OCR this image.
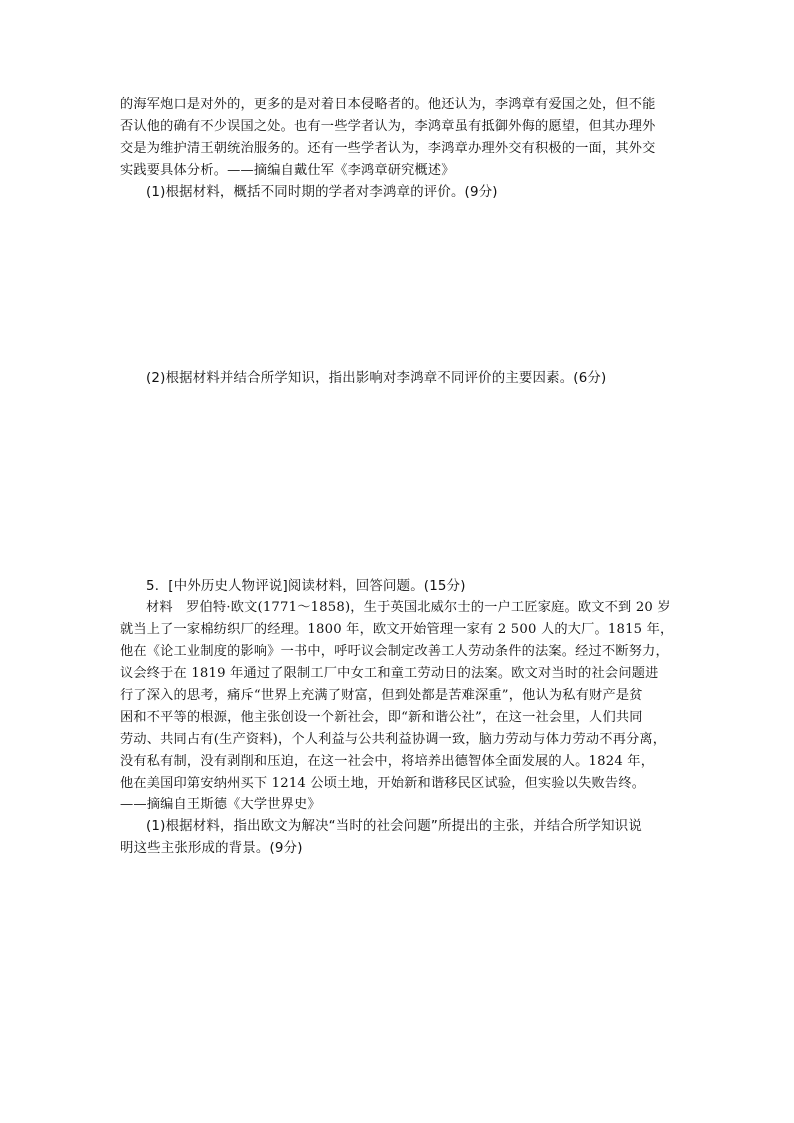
的海军炮口是对外的，更多的是对着日本侵略者的。他还认为，李鸿章有爱国之处，但不能
否认他的确有不少误国之处。也有一些学者认为，李鸿章虽有抵御外侮的愿望，但其办理外
交是为维护清王朝统治服务的。还有一些学者认为，李鸿章办理外交有积极的一面，其外交
实践要具体分析。——摘编自戴仕军《李鸿章研究概述》
(1)根据材料，概括不同时期的学者对李鸿章的评价。(9分)
(2)根据材料并结合所学知识，指出影响对李鸿章不同评价的主要因素。(6分)
5．[中外历史人物评说]阅读材料，回答问题。(15分)
材料　罗伯特·欧文(1771～1858)，生于英国北威尔士的一户工匠家庭。欧文不到 20 岁
就当上了一家棉纺织厂的经理。1800 年，欧文开始管理一家有 2 500 人的大厂。1815 年，
他在《论工业制度的影响》一书中，呼吁议会制定改善工人劳动条件的法案。经过不断努力，
议会终于在 1819 年通过了限制工厂中女工和童工劳动日的法案。欧文对当时的社会问题进
行了深入的思考，痛斥“世界上充满了财富，但到处都是苦难深重”，他认为私有财产是贫
困和不平等的根源，他主张创设一个新社会，即“新和谐公社”，在这一社会里，人们共同
劳动、共同占有(生产资料)，个人利益与公共利益协调一致，脑力劳动与体力劳动不再分离，
没有私有制，没有剥削和压迫，在这一社会中，将培养出德智体全面发展的人。1824 年，
他在美国印第安纳州买下 1214 公顷土地，开始新和谐移民区试验，但实验以失败告终。
——摘编自王斯德《大学世界史》
(1)根据材料，指出欧文为解决“当时的社会问题”所提出的主张，并结合所学知识说
明这些主张形成的背景。(9分)
